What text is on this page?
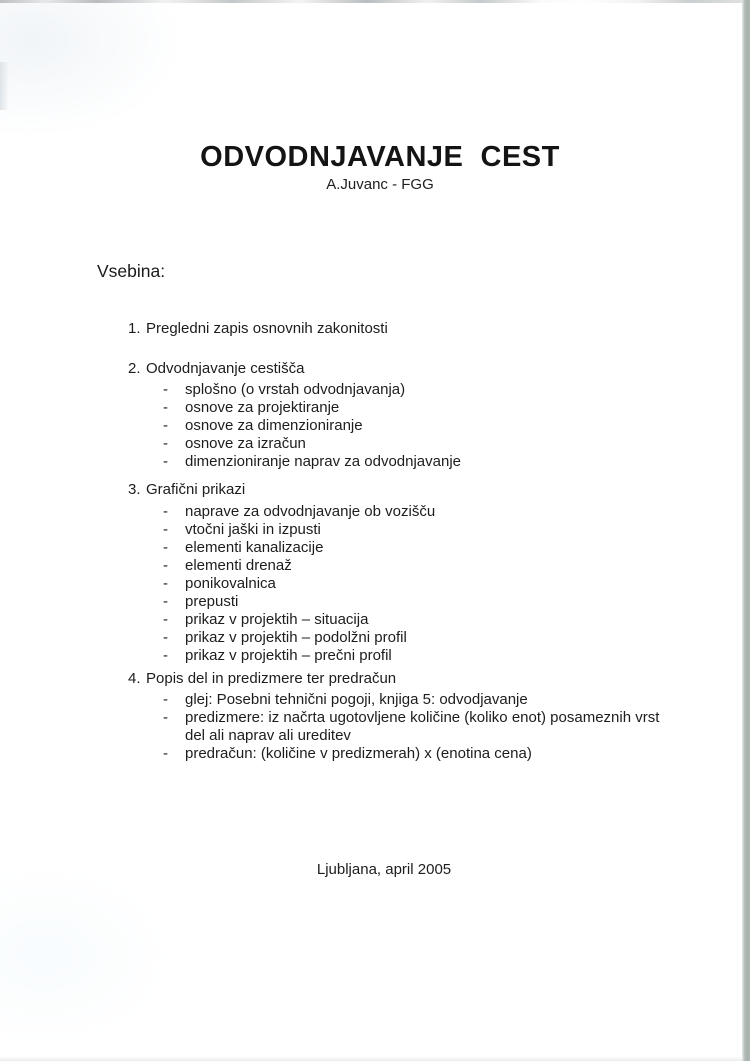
ODVODNJAVANJE  CEST
A.Juvanc - FGG
Vsebina:
1. Pregledni zapis osnovnih zakonitosti
2. Odvodnjavanje cestišča
-	splošno (o vrstah odvodnjavanja)
-	osnove za projektiranje
-	osnove za dimenzioniranje
-	osnove za izračun
-	dimenzioniranje naprav za odvodnjavanje
3. Grafični prikazi
-	naprave za odvodnjavanje ob vozišču
-	vtočni jaški in izpusti
-	elementi kanalizacije
-	elementi drenaž
-	ponikovalnica
-	prepusti
-	prikaz v projektih – situacija
-	prikaz v projektih – podolžni profil
-	prikaz v projektih – prečni profil
4. Popis del in predizmere ter predračun
-	glej: Posebni tehnični pogoji, knjiga 5: odvodjavanje
-	predizmere: iz načrta ugotovljene količine (koliko enot) posameznih vrst
del ali naprav ali ureditev
-	predračun: (količine v predizmerah) x (enotina cena)
Ljubljana, april 2005
